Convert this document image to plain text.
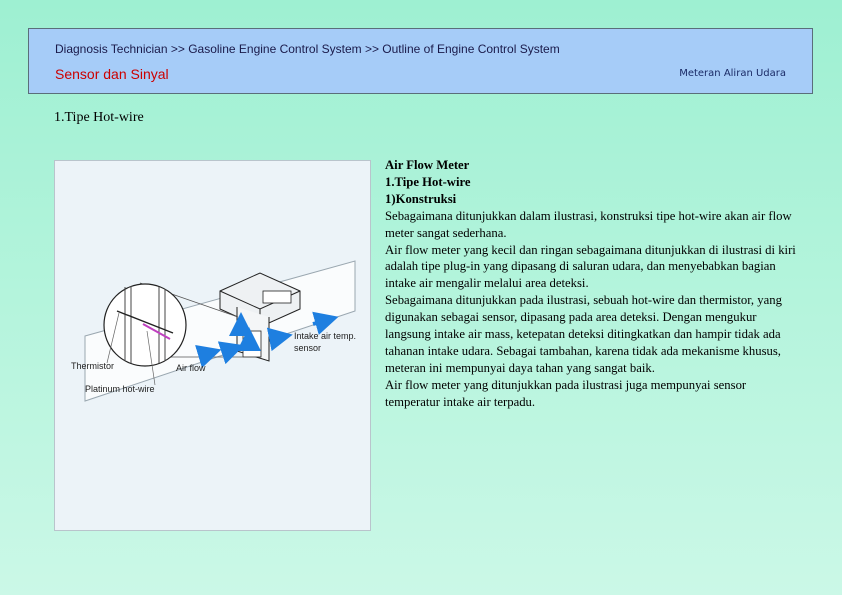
Diagnosis Technician >> Gasoline Engine Control System >> Outline of Engine Control System
Sensor dan Sinyal	Meteran Aliran Udara
1.Tipe Hot-wire
Intake air temp.
sensor
Thermistor	Air flow
Platinum hot-wire

Air Flow Meter

1.Tipe Hot-wire

1)Konstruksi

Sebagaimana ditunjukkan dalam ilustrasi, konstruksi tipe hot-wire akan air flow meter sangat sederhana.

Air flow meter yang kecil dan ringan sebagaimana ditunjukkan di ilustrasi di kiri adalah tipe plug-in yang dipasang di saluran udara, dan menyebabkan bagian intake air mengalir melalui area deteksi.

Sebagaimana ditunjukkan pada ilustrasi, sebuah hot-wire dan thermistor, yang digunakan sebagai sensor, dipasang pada area deteksi. Dengan mengukur langsung intake air mass, ketepatan deteksi ditingkatkan dan hampir tidak ada tahanan intake udara. Sebagai tambahan, karena tidak ada mekanisme khusus, meteran ini mempunyai daya tahan yang sangat baik.

Air flow meter yang ditunjukkan pada ilustrasi juga mempunyai sensor temperatur intake air terpadu.
